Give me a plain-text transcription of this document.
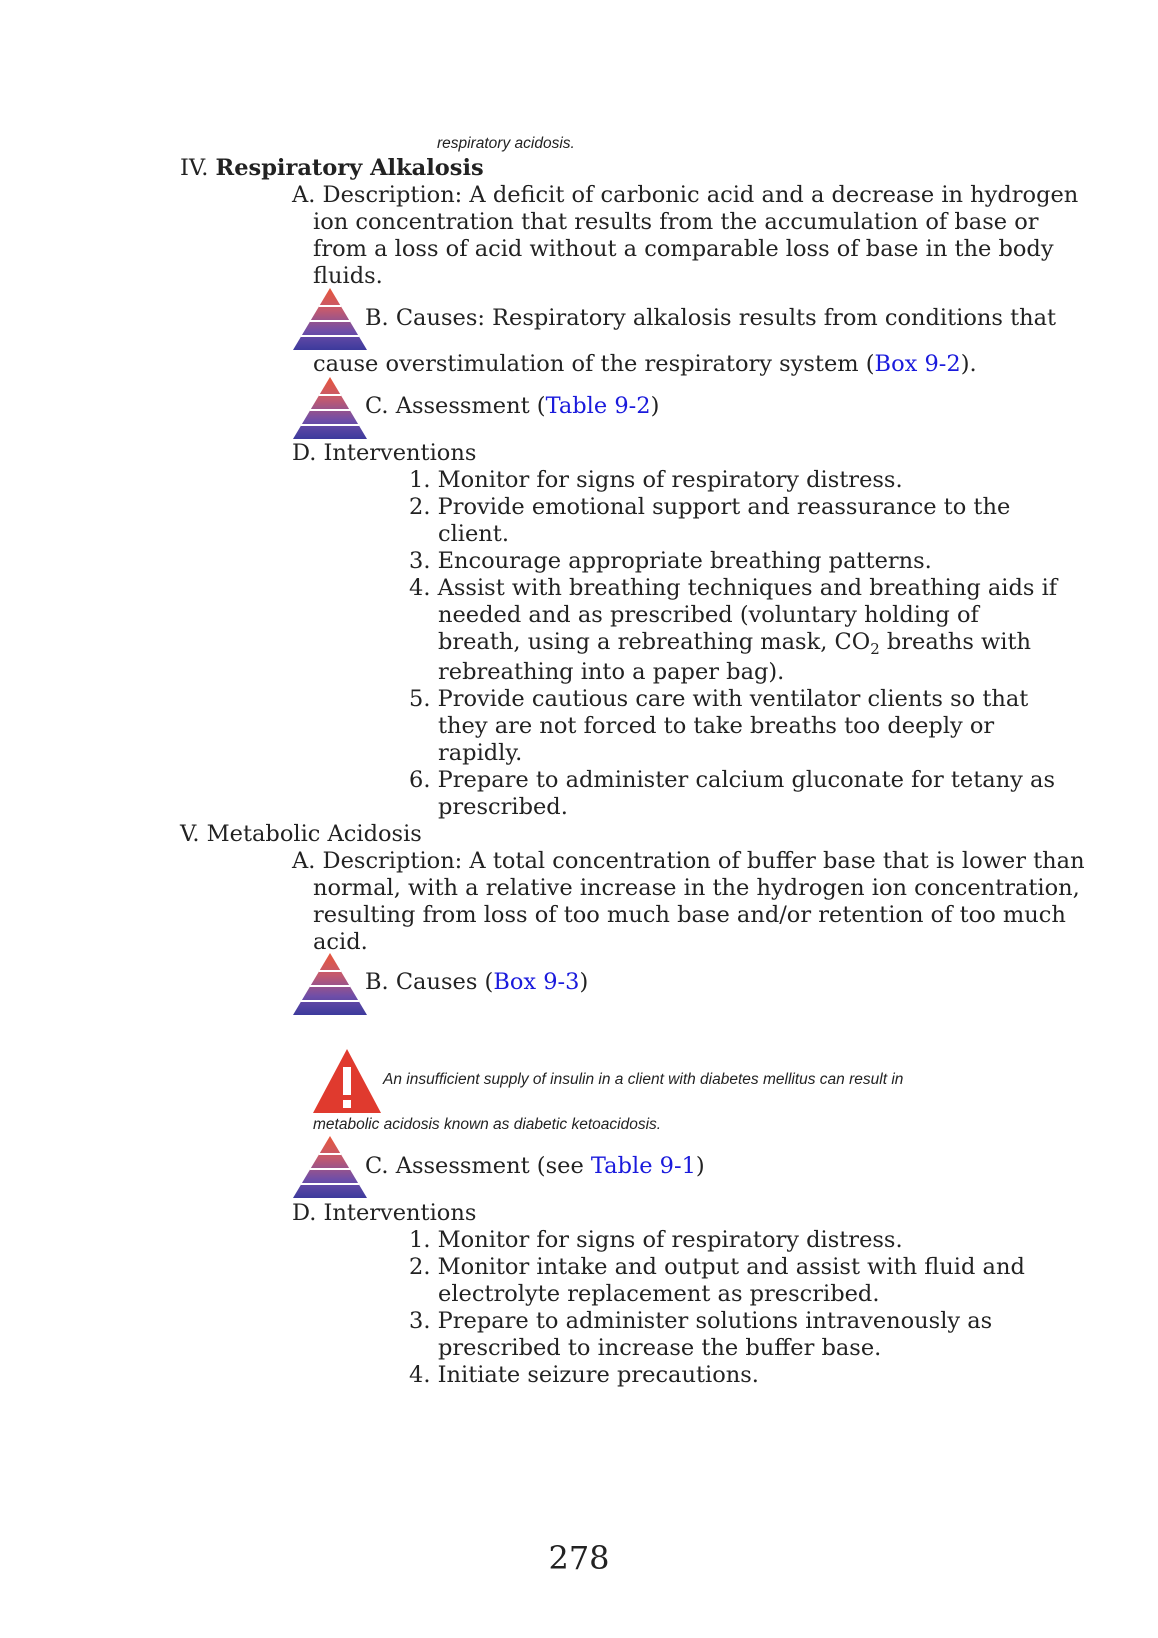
respiratory acidosis.
IV. Respiratory Alkalosis
A. Description: A deficit of carbonic acid and a decrease in hydrogen
ion concentration that results from the accumulation of base or
from a loss of acid without a comparable loss of base in the body
fluids.
B. Causes: Respiratory alkalosis results from conditions that
cause overstimulation of the respiratory system (Box 9-2).
C. Assessment (Table 9-2)
D. Interventions
1. Monitor for signs of respiratory distress.
2. Provide emotional support and reassurance to the
client.
3. Encourage appropriate breathing patterns.
4. Assist with breathing techniques and breathing aids if
needed and as prescribed (voluntary holding of
breath, using a rebreathing mask, $CO_2$ breaths with
rebreathing into a paper bag).
5. Provide cautious care with ventilator clients so that
they are not forced to take breaths too deeply or
rapidly.
6. Prepare to administer calcium gluconate for tetany as
prescribed.
V. Metabolic Acidosis
A. Description: A total concentration of buffer base that is lower than
normal, with a relative increase in the hydrogen ion concentration,
resulting from loss of too much base and/or retention of too much
acid.
B. Causes (Box 9-3)
An insufficient supply of insulin in a client with diabetes mellitus can result in
metabolic acidosis known as diabetic ketoacidosis.
C. Assessment (see Table 9-1)
D. Interventions
1. Monitor for signs of respiratory distress.
2. Monitor intake and output and assist with fluid and
electrolyte replacement as prescribed.
3. Prepare to administer solutions intravenously as
prescribed to increase the buffer base.
4. Initiate seizure precautions.
278
